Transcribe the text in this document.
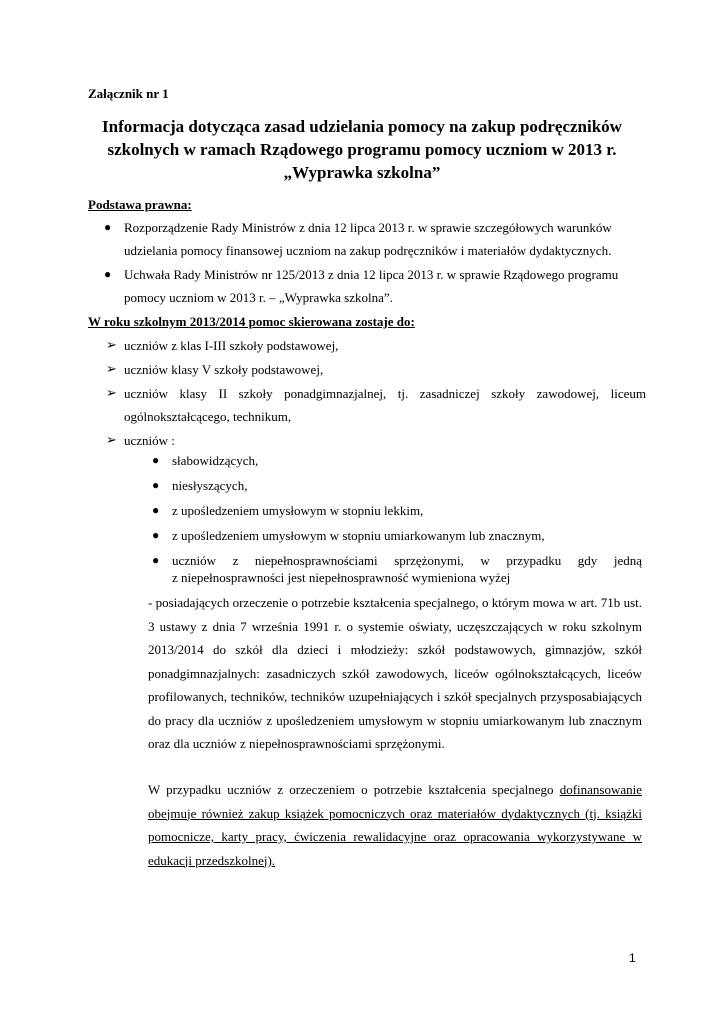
Załącznik nr 1
Informacja dotycząca zasad udzielania pomocy na zakup podręczników
szkolnych w ramach Rządowego programu pomocy uczniom w 2013 r.
„Wyprawka szkolna”
Podstawa prawna:
● Rozporządzenie Rady Ministrów z dnia 12 lipca 2013 r. w sprawie szczegółowych warunków udzielania pomocy finansowej uczniom na zakup podręczników i materiałów dydaktycznych.
● Uchwała Rady Ministrów nr 125/2013 z dnia 12 lipca 2013 r. w sprawie Rządowego programu pomocy uczniom w 2013 r. – „Wyprawka szkolna”.
W roku szkolnym 2013/2014 pomoc skierowana zostaje do:
➢ uczniów z klas I-III szkoły podstawowej,
➢ uczniów klasy V szkoły podstawowej,
➢ uczniów klasy II szkoły ponadgimnazjalnej, tj. zasadniczej szkoły zawodowej, liceum ogólnokształcącego, technikum,
➢ uczniów :
● słabowidzących,
● niesłyszących,
● z upośledzeniem umysłowym w stopniu lekkim,
● z upośledzeniem umysłowym w stopniu umiarkowanym lub znacznym,
● uczniów z niepełnosprawnościami sprzężonymi, w przypadku gdy jedną
z niepełnosprawności jest niepełnosprawność wymieniona wyżej
- posiadających orzeczenie o potrzebie kształcenia specjalnego, o którym mowa w art. 71b ust. 3 ustawy z dnia 7 września 1991 r. o systemie oświaty, uczęszczających w roku szkolnym 2013/2014 do szkół dla dzieci i młodzieży: szkół podstawowych, gimnazjów, szkół ponadgimnazjalnych: zasadniczych szkół zawodowych, liceów ogólnokształcących, liceów profilowanych, techników, techników uzupełniających i szkół specjalnych przysposabiających do pracy dla uczniów z upośledzeniem umysłowym w stopniu umiarkowanym lub znacznym oraz dla uczniów z niepełnosprawnościami sprzężonymi.
W przypadku uczniów z orzeczeniem o potrzebie kształcenia specjalnego dofinansowanie obejmuje również zakup książek pomocniczych oraz materiałów dydaktycznych (tj. książki pomocnicze, karty pracy, ćwiczenia rewalidacyjne oraz opracowania wykorzystywane w edukacji przedszkolnej).
1
